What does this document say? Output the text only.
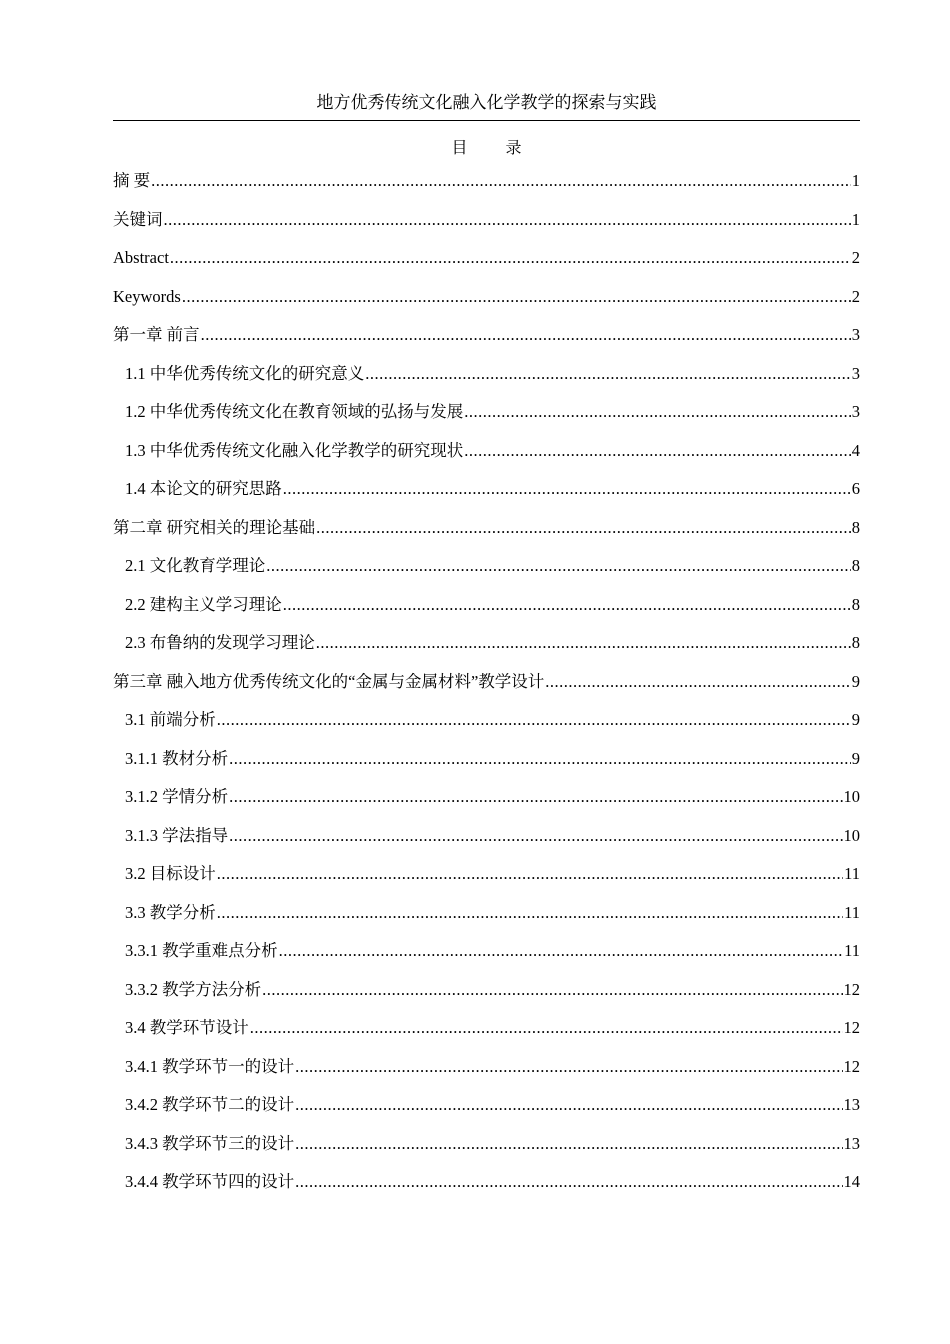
地方优秀传统文化融入化学教学的探索与实践
目 录
摘 要 .....	1
关键词 .....	1
Abstract .....	2
Keywords .....	2
第一章 前言 .....	3
1.1 中华优秀传统文化的研究意义 .....	3
1.2 中华优秀传统文化在教育领域的弘扬与发展 .....	3
1.3 中华优秀传统文化融入化学教学的研究现状 .....	4
1.4 本论文的研究思路 .....	6
第二章 研究相关的理论基础 .....	8
2.1 文化教育学理论 .....	8
2.2 建构主义学习理论 .....	8
2.3 布鲁纳的发现学习理论 .....	8
第三章 融入地方优秀传统文化的“金属与金属材料”教学设计 .....	9
3.1 前端分析 .....	9
3.1.1 教材分析 .....	9
3.1.2 学情分析 .....	10
3.1.3 学法指导 .....	10
3.2 目标设计 .....	11
3.3 教学分析 .....	11
3.3.1 教学重难点分析 .....	11
3.3.2 教学方法分析 .....	12
3.4 教学环节设计 .....	12
3.4.1 教学环节一的设计 .....	12
3.4.2 教学环节二的设计 .....	13
3.4.3 教学环节三的设计 .....	13
3.4.4 教学环节四的设计 .....	14
